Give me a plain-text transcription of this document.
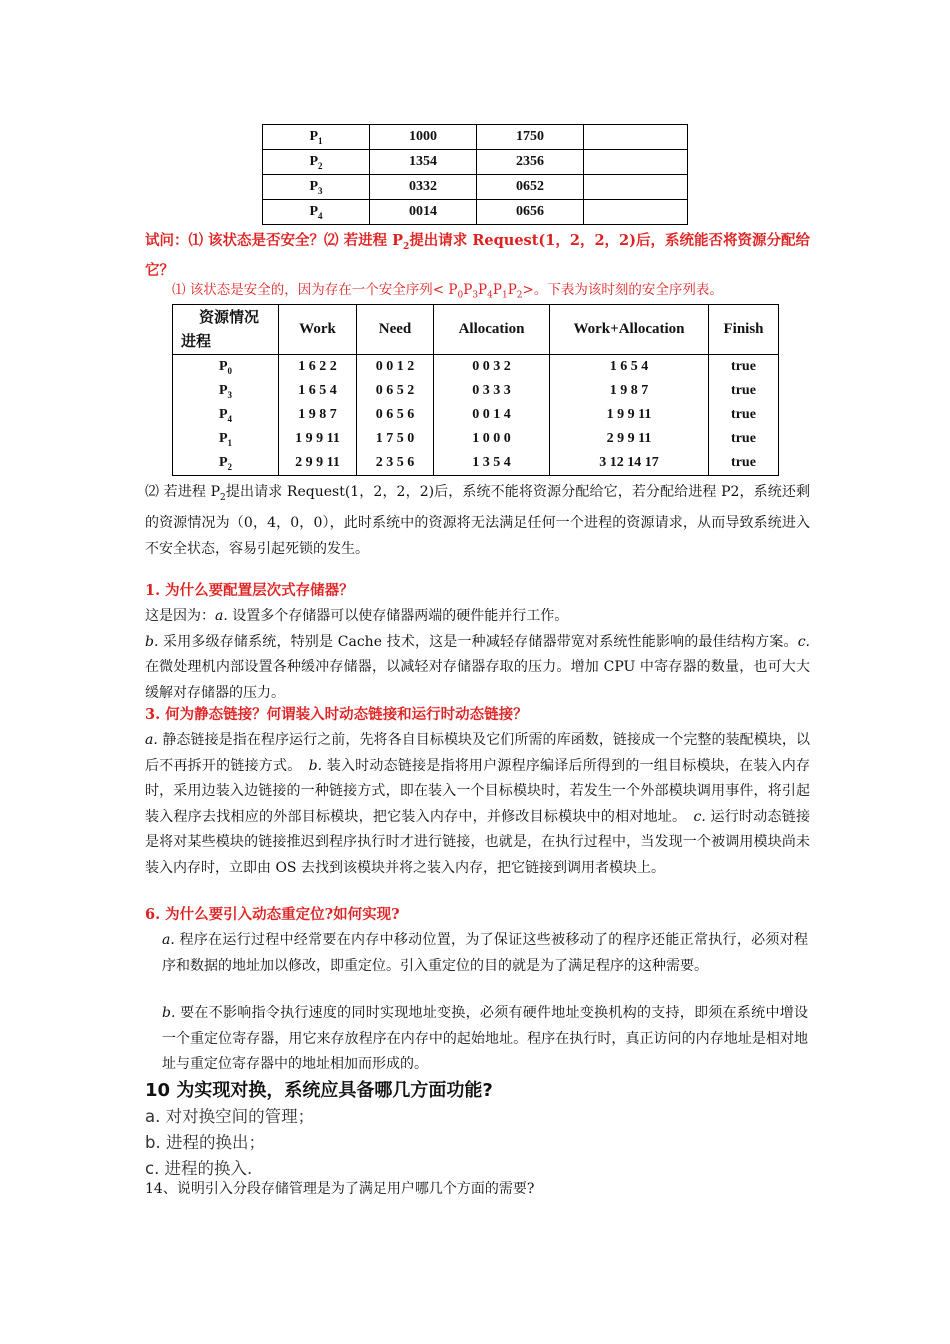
$P_1$	1000	1750	
$P_2$	1354	2356	
$P_3$	0332	0652	
$P_4$	0014	0656	
试问：⑴ 该状态是否安全？⑵ 若进程 $P_2$提出请求 Request(1，2，2，2)后，系统能否将资源分配给它？
⑴ 该状态是安全的，因为存在一个安全序列< $P_0P_3P_4P_1P_2>$。下表为该时刻的安全序列表。
资源情况
进程	Work	Need	Allocation	Work+Allocation	Finish
$P_0$	1 6 2 2	0 0 1 2	0 0 3 2	1 6 5 4	true
$P_3$	1 6 5 4	0 6 5 2	0 3 3 3	1 9 8 7	true
$P_4$	1 9 8 7	0 6 5 6	0 0 1 4	1 9 9 11	true
$P_1$	1 9 9 11	1 7 5 0	1 0 0 0	2 9 9 11	true
$P_2$	2 9 9 11	2 3 5 6	1 3 5 4	3 12 14 17	true
⑵ 若进程 $P_2$提出请求 Request(1，2，2，2)后，系统不能将资源分配给它，若分配给进程 P2，系统还剩的资源情况为（0，4，0，0），此时系统中的资源将无法满足任何一个进程的资源请求，从而导致系统进入不安全状态，容易引起死锁的发生。
1. 为什么要配置层次式存储器？
这是因为：a. 设置多个存储器可以使存储器两端的硬件能并行工作。
b. 采用多级存储系统，特别是 Cache 技术，这是一种减轻存储器带宽对系统性能影响的最佳结构方案。c. 在微处理机内部设置各种缓冲存储器，以减轻对存储器存取的压力。增加 CPU 中寄存器的数量，也可大大缓解对存储器的压力。
3. 何为静态链接？何谓装入时动态链接和运行时动态链接？
a. 静态链接是指在程序运行之前，先将各自目标模块及它们所需的库函数，链接成一个完整的装配模块，以后不再拆开的链接方式。　b. 装入时动态链接是指将用户源程序编译后所得到的一组目标模块，在装入内存时，采用边装入边链接的一种链接方式，即在装入一个目标模块时，若发生一个外部模块调用事件，将引起装入程序去找相应的外部目标模块，把它装入内存中，并修改目标模块中的相对地址。　c. 运行时动态链接是将对某些模块的链接推迟到程序执行时才进行链接，也就是，在执行过程中，当发现一个被调用模块尚未装入内存时，立即由 OS 去找到该模块并将之装入内存，把它链接到调用者模块上。
6. 为什么要引入动态重定位?如何实现?
a. 程序在运行过程中经常要在内存中移动位置，为了保证这些被移动了的程序还能正常执行，必须对程序和数据的地址加以修改，即重定位。引入重定位的目的就是为了满足程序的这种需要。
b. 要在不影响指令执行速度的同时实现地址变换，必须有硬件地址变换机构的支持，即须在系统中增设一个重定位寄存器，用它来存放程序在内存中的起始地址。程序在执行时，真正访问的内存地址是相对地址与重定位寄存器中的地址相加而形成的。
10 为实现对换，系统应具备哪几方面功能?
a. 对对换空间的管理；
b. 进程的换出；
c. 进程的换入.
14、说明引入分段存储管理是为了满足用户哪几个方面的需要?
